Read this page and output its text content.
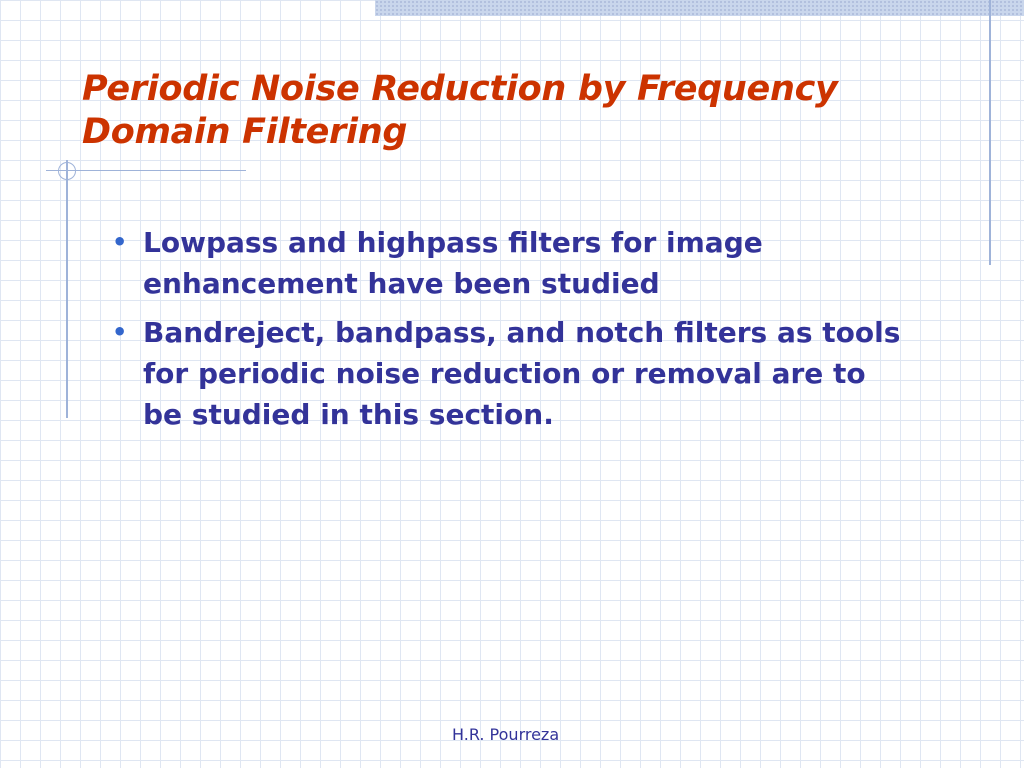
Periodic Noise Reduction by Frequency Domain Filtering
• Lowpass and highpass filters for image enhancement have been studied
• Bandreject, bandpass, and notch filters as tools for periodic noise reduction or removal are to be studied in this section.
H.R. Pourreza
